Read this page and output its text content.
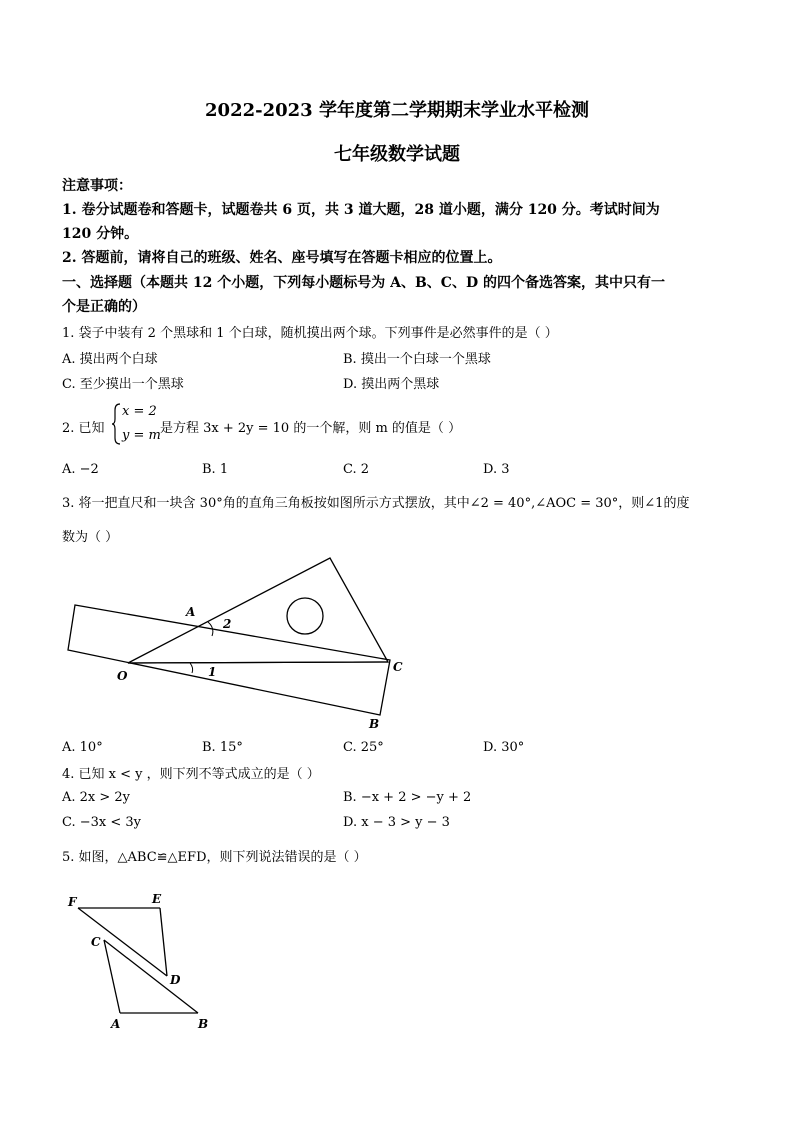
2022-2023 学年度第二学期期末学业水平检测
七年级数学试题
注意事项：
1. 卷分试题卷和答题卡，试题卷共 6 页，共 3 道大题，28 道小题，满分 120 分。考试时间为
120 分钟。
2. 答题前，请将自己的班级、姓名、座号填写在答题卡相应的位置上。
一、选择题（本题共 12 个小题，下列每小题标号为 A、B、C、D 的四个备选答案，其中只有一
个是正确的）
1. 袋子中装有 2 个黑球和 1 个白球，随机摸出两个球。下列事件是必然事件的是（ ）
A. 摸出两个白球	B. 摸出一个白球一个黑球
C. 至少摸出一个黑球	D. 摸出两个黑球
2. 已知
x = 2
y = m 是方程 3x + 2y = 10 的一个解，则 m 的值是（ ）
A. −2	B. 1	C. 2	D. 3
3. 将一把直尺和一块含 30°角的直角三角板按如图所示方式摆放，其中∠2 = 40°,∠AOC = 30°，则∠1的度
数为（ ）
A
O
C
B
1
2
A. 10°	B. 15°	C. 25°	D. 30°
4. 已知 x < y ，则下列不等式成立的是（ ）
A. 2x > 2y	B. −x + 2 > −y + 2
C. −3x < 3y	D. x − 3 > y − 3
5. 如图，△ABC≌△EFD，则下列说法错误的是（ ）
F	E
C
D
A	B
